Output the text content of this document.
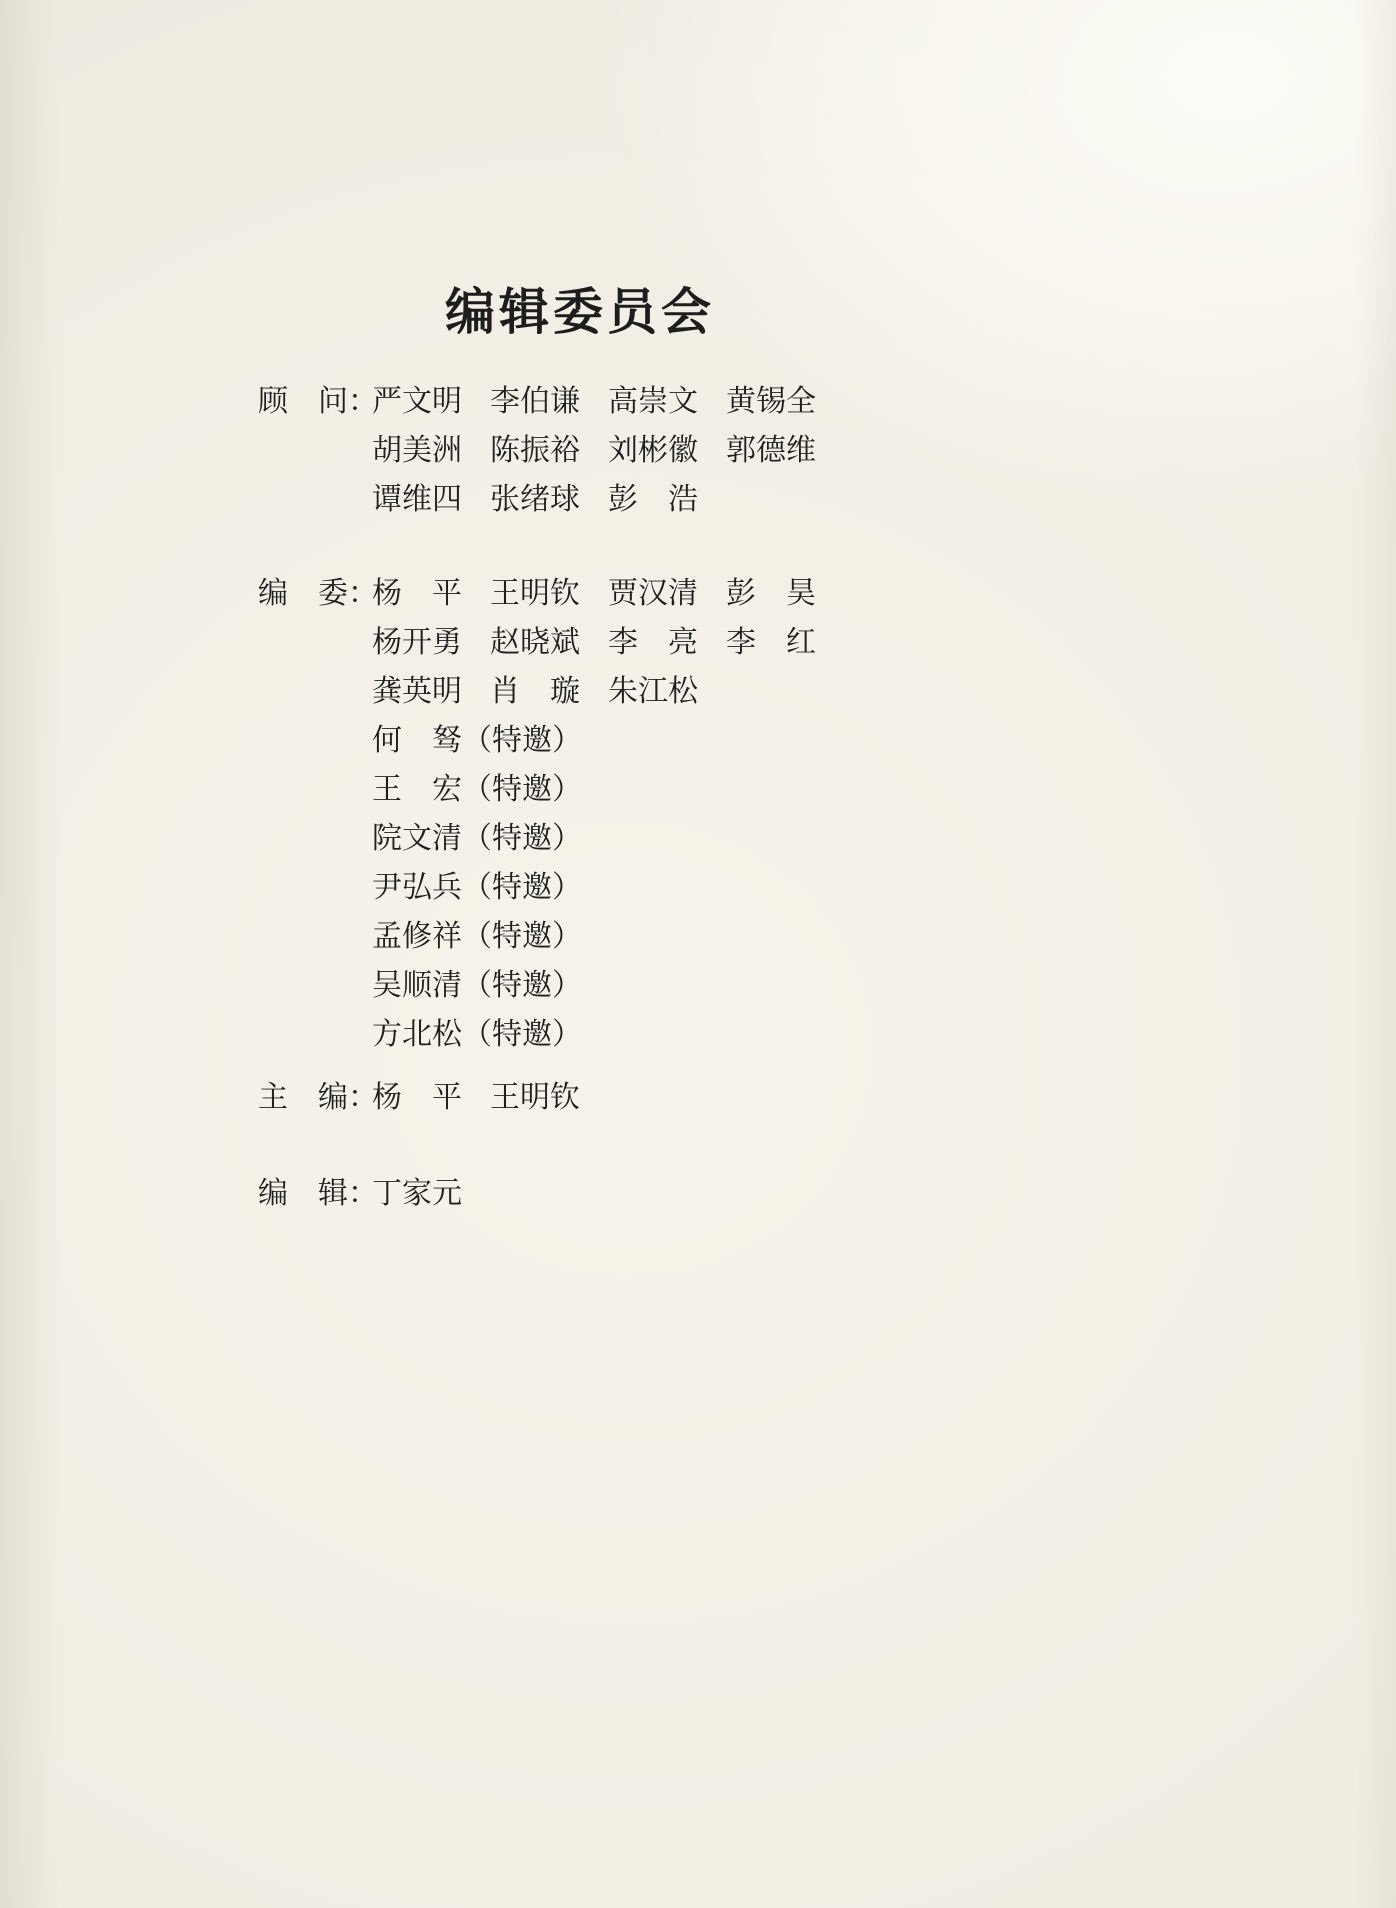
编辑委员会
顾　问：
严文明 李伯谦 高崇文 黄锡全
胡美洲 陈振裕 刘彬徽 郭德维
谭维四 张绪球 彭　浩
编　委：
杨　平 王明钦 贾汉清 彭　昊
杨开勇 赵晓斌 李　亮 李　红
龚英明 肖　璇 朱江松
何　驽（特邀）
王　宏（特邀）
院文清（特邀）
尹弘兵（特邀）
孟修祥（特邀）
吴顺清（特邀）
方北松（特邀）
主　编：
杨　平 王明钦
编　辑：
丁家元
